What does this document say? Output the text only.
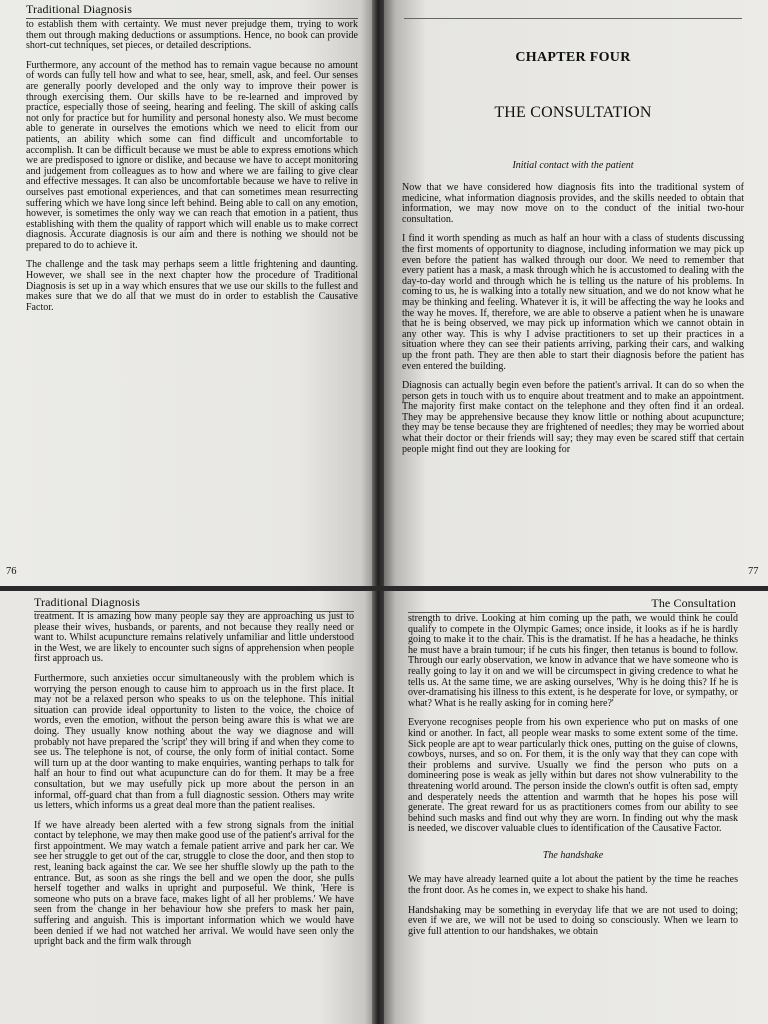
Traditional Diagnosis

to establish them with certainty. We must never prejudge them, trying to work them out through making deductions or assumptions. Hence, no book can provide short-cut techniques, set pieces, or detailed descriptions.

Furthermore, any account of the method has to remain vague because no amount of words can fully tell how and what to see, hear, smell, ask, and feel. Our senses are generally poorly developed and the only way to improve their power is through exercising them. Our skills have to be re-learned and improved by practice, especially those of seeing, hearing and feeling. The skill of asking calls not only for practice but for humility and personal honesty also. We must become able to generate in ourselves the emotions which we need to elicit from our patients, an ability which some can find difficult and uncomfortable to accomplish. It can be difficult because we must be able to express emotions which we are predisposed to ignore or dislike, and because we have to accept monitoring and judgement from colleagues as to how and where we are failing to give clear and effective messages. It can also be uncomfortable because we have to relive in ourselves past emotional experiences, and that can sometimes mean resurrecting suffering which we have long since left behind. Being able to call on any emotion, however, is sometimes the only way we can reach that emotion in a patient, thus establishing with them the quality of rapport which will enable us to make correct diagnosis. Accurate diagnosis is our aim and there is nothing we should not be prepared to do to achieve it.

The challenge and the task may perhaps seem a little frightening and daunting. However, we shall see in the next chapter how the procedure of Traditional Diagnosis is set up in a way which ensures that we use our skills to the fullest and makes sure that we do all that we must do in order to establish the Causative Factor.

CHAPTER FOUR
THE CONSULTATION
Initial contact with the patient

Now that we have considered how diagnosis fits into the traditional system of medicine, what information diagnosis provides, and the skills needed to obtain that information, we may now move on to the conduct of the initial two-hour consultation.

I find it worth spending as much as half an hour with a class of students discussing the first moments of opportunity to diagnose, including information we may pick up even before the patient has walked through our door. We need to remember that every patient has a mask, a mask through which he is accustomed to dealing with the day-to-day world and through which he is telling us the nature of his problems. In coming to us, he is walking into a totally new situation, and we do not know what he may be thinking and feeling. Whatever it is, it will be affecting the way he looks and the way he moves. If, therefore, we are able to observe a patient when he is unaware that he is being observed, we may pick up information which we cannot obtain in any other way. This is why I advise practitioners to set up their practices in a situation where they can see their patients arriving, parking their cars, and walking up the front path. They are then able to start their diagnosis before the patient has even entered the building.

Diagnosis can actually begin even before the patient's arrival. It can do so when the person gets in touch with us to enquire about treatment and to make an appointment. The majority first make contact on the telephone and they often find it an ordeal. They may be apprehensive because they know little or nothing about acupuncture; they may be tense because they are frightened of needles; they may be worried about what their doctor or their friends will say; they may even be scared stiff that certain people might find out they are looking for

Traditional Diagnosis

treatment. It is amazing how many people say they are approaching us just to please their wives, husbands, or parents, and not because they really need or want to. Whilst acupuncture remains relatively unfamiliar and little understood in the West, we are likely to encounter such signs of apprehension when people first approach us.

Furthermore, such anxieties occur simultaneously with the problem which is worrying the person enough to cause him to approach us in the first place. It may not be a relaxed person who speaks to us on the telephone. This initial situation can provide ideal opportunity to listen to the voice, the choice of words, even the emotion, without the person being aware this is what we are doing. They usually know nothing about the way we diagnose and will probably not have prepared the 'script' they will bring if and when they come to see us. The telephone is not, of course, the only form of initial contact. Some will turn up at the door wanting to make enquiries, wanting perhaps to talk for half an hour to find out what acupuncture can do for them. It may be a free consultation, but we may usefully pick up more about the person in an informal, off-guard chat than from a full diagnostic session. Others may write us letters, which informs us a great deal more than the patient realises.

If we have already been alerted with a few strong signals from the initial contact by telephone, we may then make good use of the patient's arrival for the first appointment. We may watch a female patient arrive and park her car. We see her struggle to get out of the car, struggle to close the door, and then stop to rest, leaning back against the car. We see her shuffle slowly up the path to the entrance. But, as soon as she rings the bell and we open the door, she pulls herself together and walks in upright and purposeful. We think, 'Here is someone who puts on a brave face, makes light of all her problems.' We have seen from the change in her behaviour how she prefers to mask her pain, suffering and anguish. This is important information which we would have been denied if we had not watched her arrival. We would have seen only the upright back and the firm walk through

The Consultation

strength to drive. Looking at him coming up the path, we would think he could qualify to compete in the Olympic Games; once inside, it looks as if he is hardly going to make it to the chair. This is the dramatist. If he has a headache, he thinks he must have a brain tumour; if he cuts his finger, then tetanus is bound to follow. Through our early observation, we know in advance that we have someone who is really going to lay it on and we will be circumspect in giving credence to what he tells us. At the same time, we are asking ourselves, 'Why is he doing this? If he is over-dramatising his illness to this extent, is he desperate for love, or sympathy, or what? What is he really asking for in coming here?'

Everyone recognises people from his own experience who put on masks of one kind or another. In fact, all people wear masks to some extent some of the time. Sick people are apt to wear particularly thick ones, putting on the guise of clowns, cowboys, nurses, and so on. For them, it is the only way that they can cope with their problems and survive. Usually we find the person who puts on a domineering pose is weak as jelly within but dares not show vulnerability to the threatening world around. The person inside the clown's outfit is often sad, empty and desperately needs the attention and warmth that he hopes his pose will generate. The great reward for us as practitioners comes from our ability to see behind such masks and find out why they are worn. In finding out why the mask is needed, we discover valuable clues to identification of the Causative Factor.

The handshake

We may have already learned quite a lot about the patient by the time he reaches the front door. As he comes in, we expect to shake his hand.

Handshaking may be something in everyday life that we are not used to doing; even if we are, we will not be used to doing so consciously. When we learn to give full attention to our handshakes, we obtain

76	77
